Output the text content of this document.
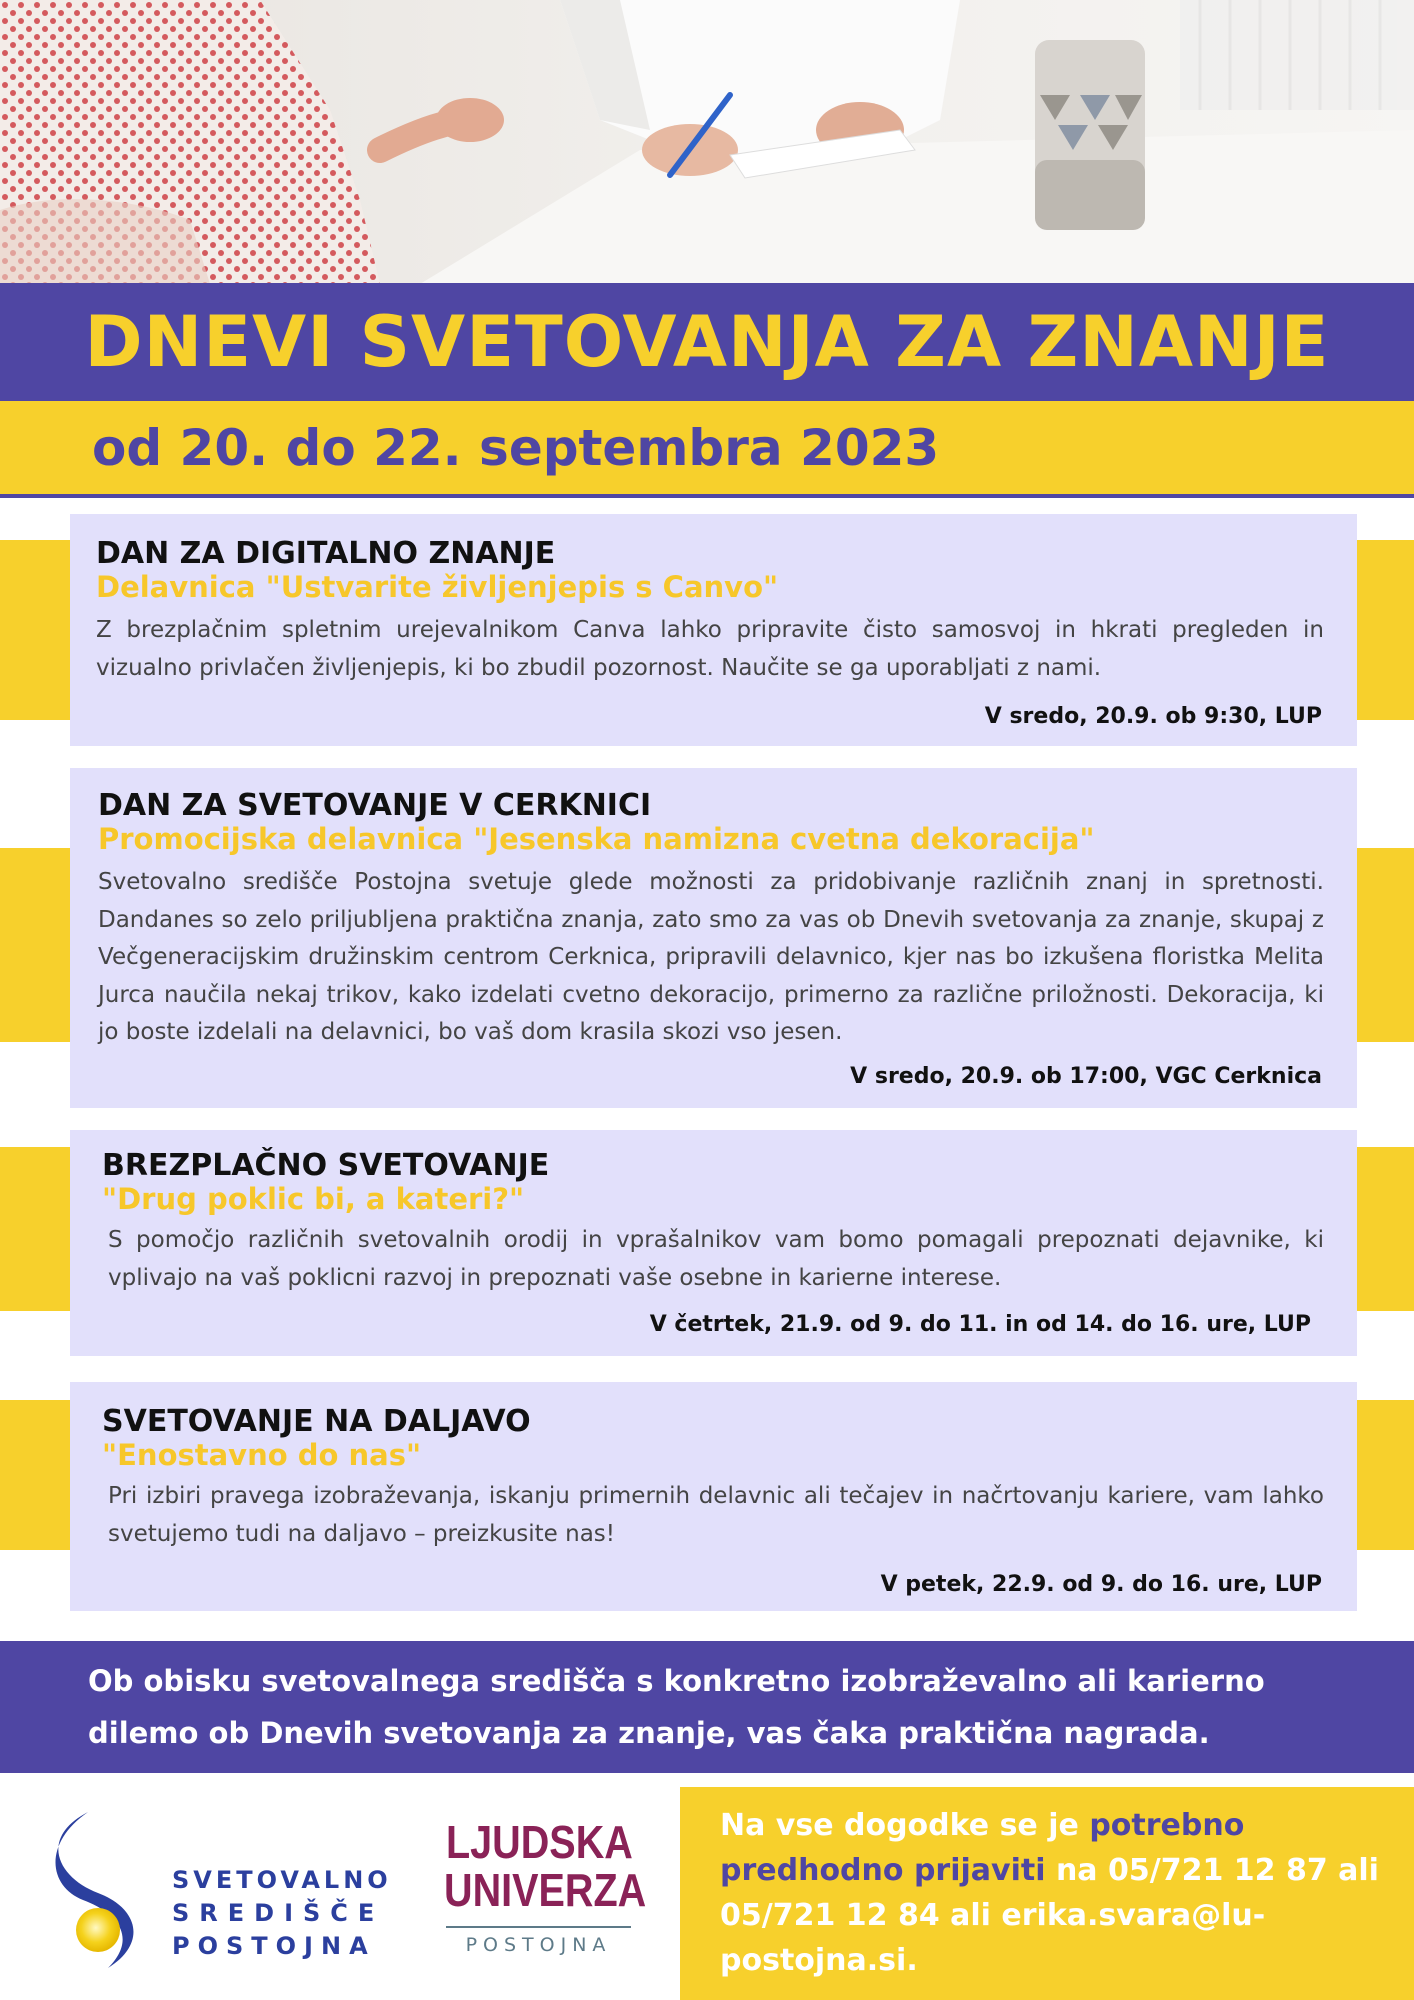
DNEVI SVETOVANJA ZA ZNANJE
od 20. do 22. septembra 2023
DAN ZA DIGITALNO ZNANJE
Delavnica "Ustvarite življenjepis s Canvo"
Z brezplačnim spletnim urejevalnikom Canva lahko pripravite čisto samosvoj in hkrati pregleden in vizualno privlačen življenjepis, ki bo zbudil pozornost. Naučite se ga uporabljati z nami.
V sredo, 20.9. ob 9:30, LUP
DAN ZA SVETOVANJE V CERKNICI
Promocijska delavnica "Jesenska namizna cvetna dekoracija"
Svetovalno središče Postojna svetuje glede možnosti za pridobivanje različnih znanj in spretnosti. Dandanes so zelo priljubljena praktična znanja, zato smo za vas ob Dnevih svetovanja za znanje, skupaj z Večgeneracijskim družinskim centrom Cerknica, pripravili delavnico, kjer nas bo izkušena floristka Melita Jurca naučila nekaj trikov, kako izdelati cvetno dekoracijo, primerno za različne priložnosti. Dekoracija, ki jo boste izdelali na delavnici, bo vaš dom krasila skozi vso jesen.
V sredo, 20.9. ob 17:00, VGC Cerknica
BREZPLAČNO SVETOVANJE
"Drug poklic bi, a kateri?"
S pomočjo različnih svetovalnih orodij in vprašalnikov vam bomo pomagali prepoznati dejavnike, ki vplivajo na vaš poklicni razvoj in prepoznati vaše osebne in karierne interese.
V četrtek, 21.9. od 9. do 11. in od 14. do 16. ure, LUP
SVETOVANJE NA DALJAVO
"Enostavno do nas"
Pri izbiri pravega izobraževanja, iskanju primernih delavnic ali tečajev in načrtovanju kariere, vam lahko svetujemo tudi na daljavo – preizkusite nas!
V petek, 22.9. od 9. do 16. ure, LUP
Ob obisku svetovalnega središča s konkretno izobraževalno ali karierno dilemo ob Dnevih svetovanja za znanje, vas čaka praktična nagrada.
SVETOVALNO
SREDIŠČE
POSTOJNA
LJUDSKA
UNIVERZA
POSTOJNA
Na vse dogodke se je potrebno predhodno prijaviti na 05/721 12 87 ali 05/721 12 84 ali erika.svara@lu-postojna.si.
